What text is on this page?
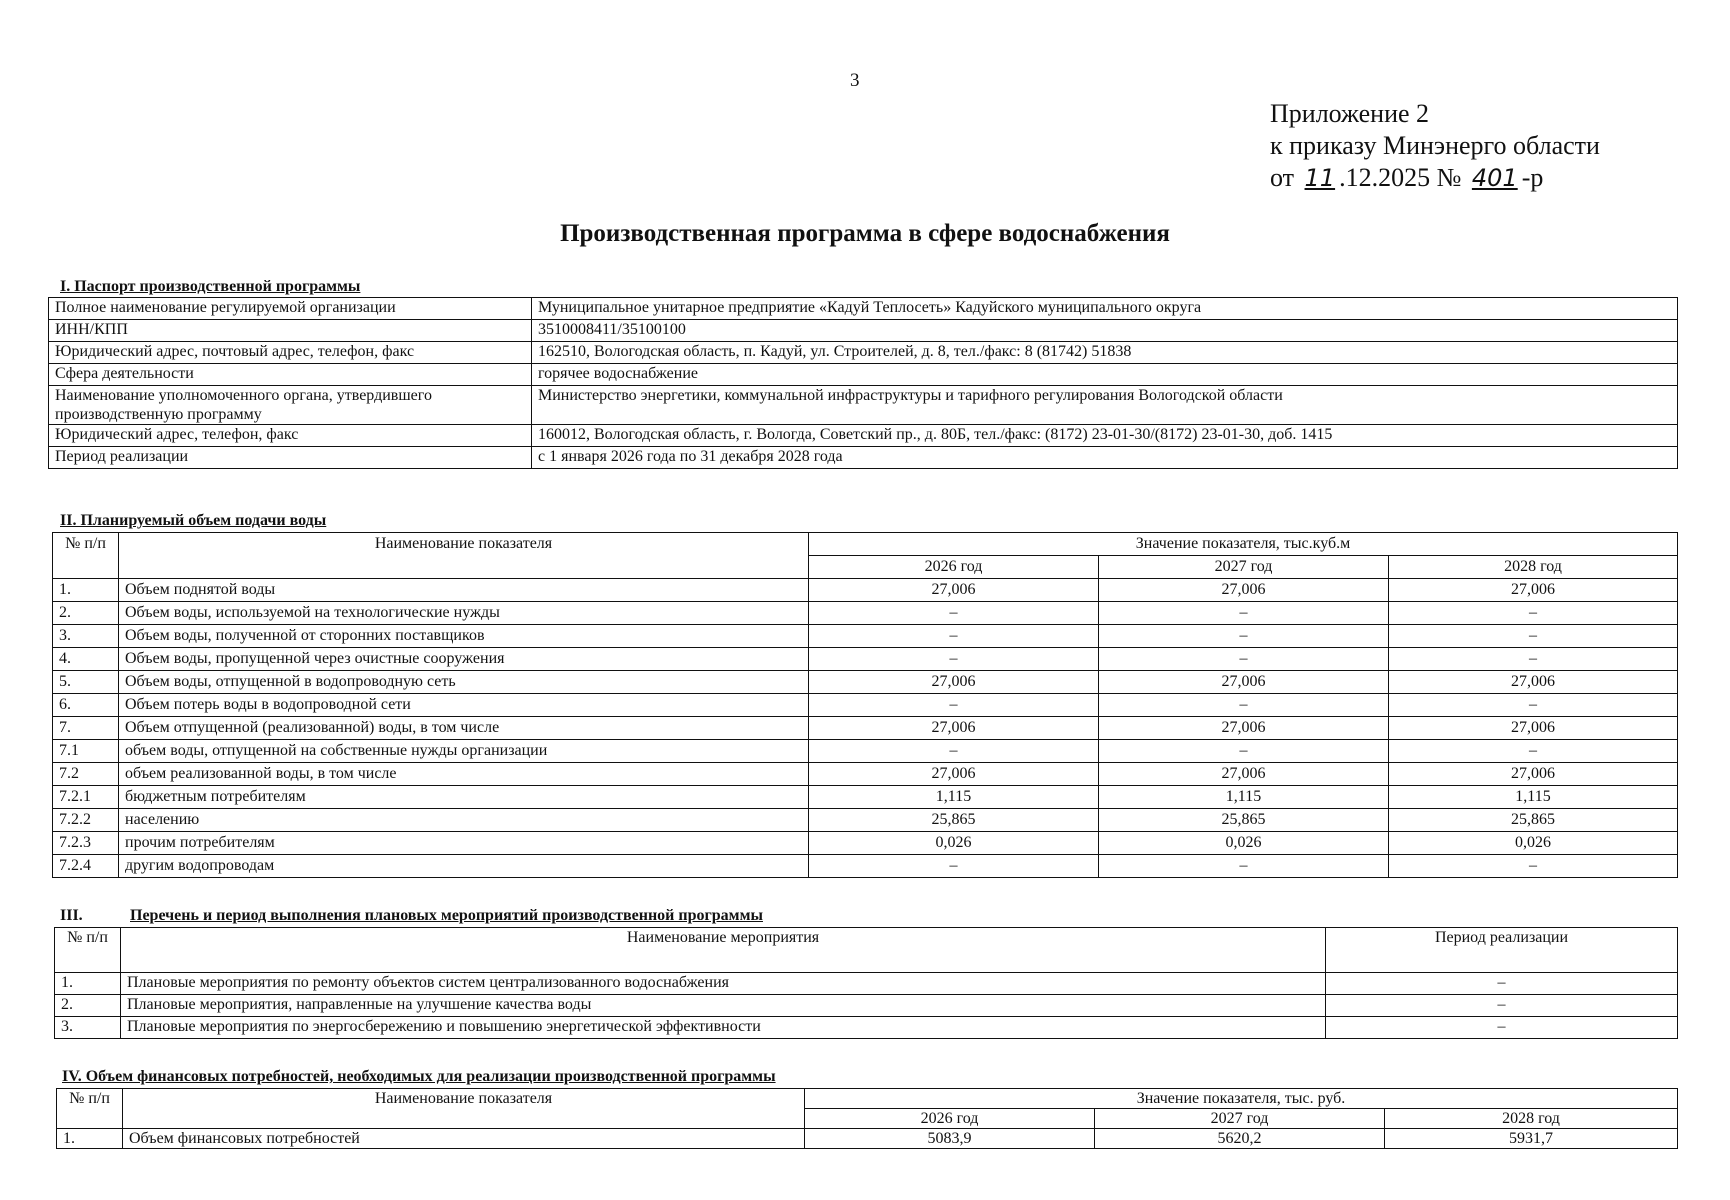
3
Приложение 2
к приказу Минэнерго области
от 11 .12.2025 № 401 -р
Производственная программа в сфере водоснабжения
I. Паспорт производственной программы
Полное наименование регулируемой организации	Муниципальное унитарное предприятие «Кадуй Теплосеть» Кадуйского муниципального округа
ИНН/КПП	3510008411/35100100
Юридический адрес, почтовый адрес, телефон, факс	162510, Вологодская область, п. Кадуй, ул. Строителей, д. 8, тел./факс: 8 (81742) 51838
Сфера деятельности	горячее водоснабжение
Наименование уполномоченного органа, утвердившего производственную программу	Министерство энергетики, коммунальной инфраструктуры и тарифного регулирования Вологодской области
Юридический адрес, телефон, факс	160012, Вологодская область, г. Вологда, Советский пр., д. 80Б, тел./факс: (8172) 23-01-30/(8172) 23-01-30, доб. 1415
Период реализации	с 1 января 2026 года по 31 декабря 2028 года
II. Планируемый объем подачи воды
№ п/п	Наименование показателя	Значение показателя, тыс.куб.м		
		2026 год	2027 год	2028 год
1.	Объем поднятой воды	27,006	27,006	27,006
2.	Объем воды, используемой на технологические нужды	–	–	–
3.	Объем воды, полученной от сторонних поставщиков	–	–	–
4.	Объем воды, пропущенной через очистные сооружения	–	–	–
5.	Объем воды, отпущенной в водопроводную сеть	27,006	27,006	27,006
6.	Объем потерь воды в водопроводной сети	–	–	–
7.	Объем отпущенной (реализованной) воды, в том числе	27,006	27,006	27,006
7.1	объем воды, отпущенной на собственные нужды организации	–	–	–
7.2	объем реализованной воды, в том числе	27,006	27,006	27,006
7.2.1	бюджетным потребителям	1,115	1,115	1,115
7.2.2	населению	25,865	25,865	25,865
7.2.3	прочим потребителям	0,026	0,026	0,026
7.2.4	другим водопроводам	–	–	–
III.	Перечень и период выполнения плановых мероприятий производственной программы
№ п/п	Наименование мероприятия	Период реализации
1.	Плановые мероприятия по ремонту объектов систем централизованного водоснабжения	–
2.	Плановые мероприятия, направленные на улучшение качества воды	–
3.	Плановые мероприятия по энергосбережению и повышению энергетической эффективности	–
IV. Объем финансовых потребностей, необходимых для реализации производственной программы
№ п/п	Наименование показателя	Значение показателя, тыс. руб.		
		2026 год	2027 год	2028 год
1.	Объем финансовых потребностей	5083,9	5620,2	5931,7
